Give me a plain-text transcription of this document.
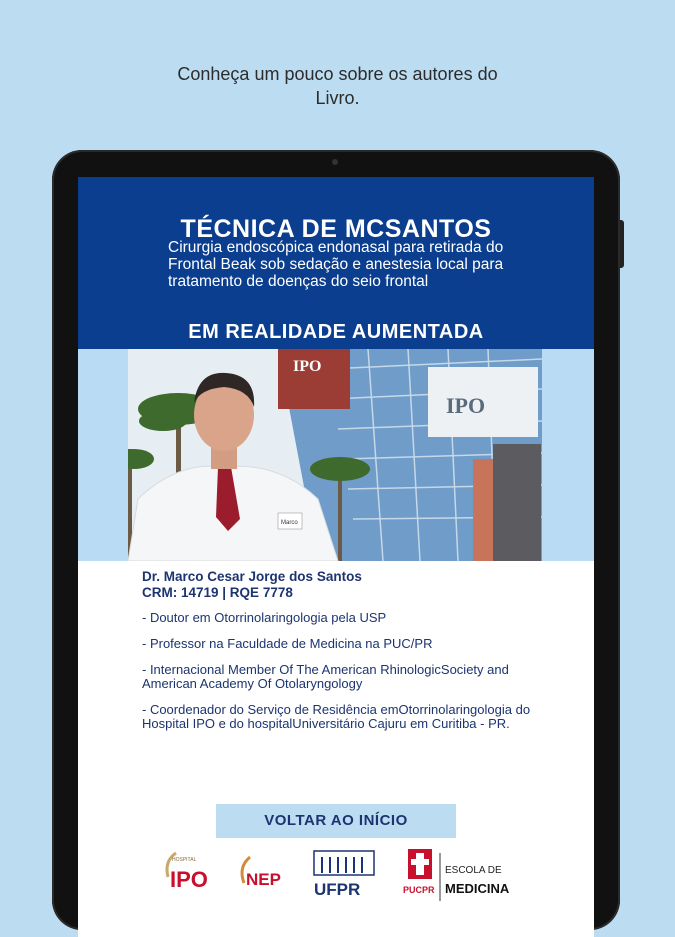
Conheça um pouco sobre os autores do
Livro.
TÉCNICA DE MCSANTOS
Cirurgia endoscópica endonasal para retirada do Frontal Beak sob sedação e anestesia local para tratamento de doenças do seio frontal
EM REALIDADE AUMENTADA
IPO
IPO
Marco
Dr. Marco Cesar Jorge dos Santos
CRM: 14719 | RQE 7778
- Doutor em Otorrinolaringologia pela USP
- Professor na Faculdade de Medicina na PUC/PR
- Internacional Member Of The American RhinologicSociety and American Academy Of Otolaryngology
- Coordenador do Serviço de Residência emOtorrinolaringologia do Hospital IPO e do hospitalUniversitário Cajuru em Curitiba - PR.
VOLTAR AO INÍCIO
HOSPITAL
IPO NEP
UFPR	PUCPR
ESCOLA DE
MEDICINA
